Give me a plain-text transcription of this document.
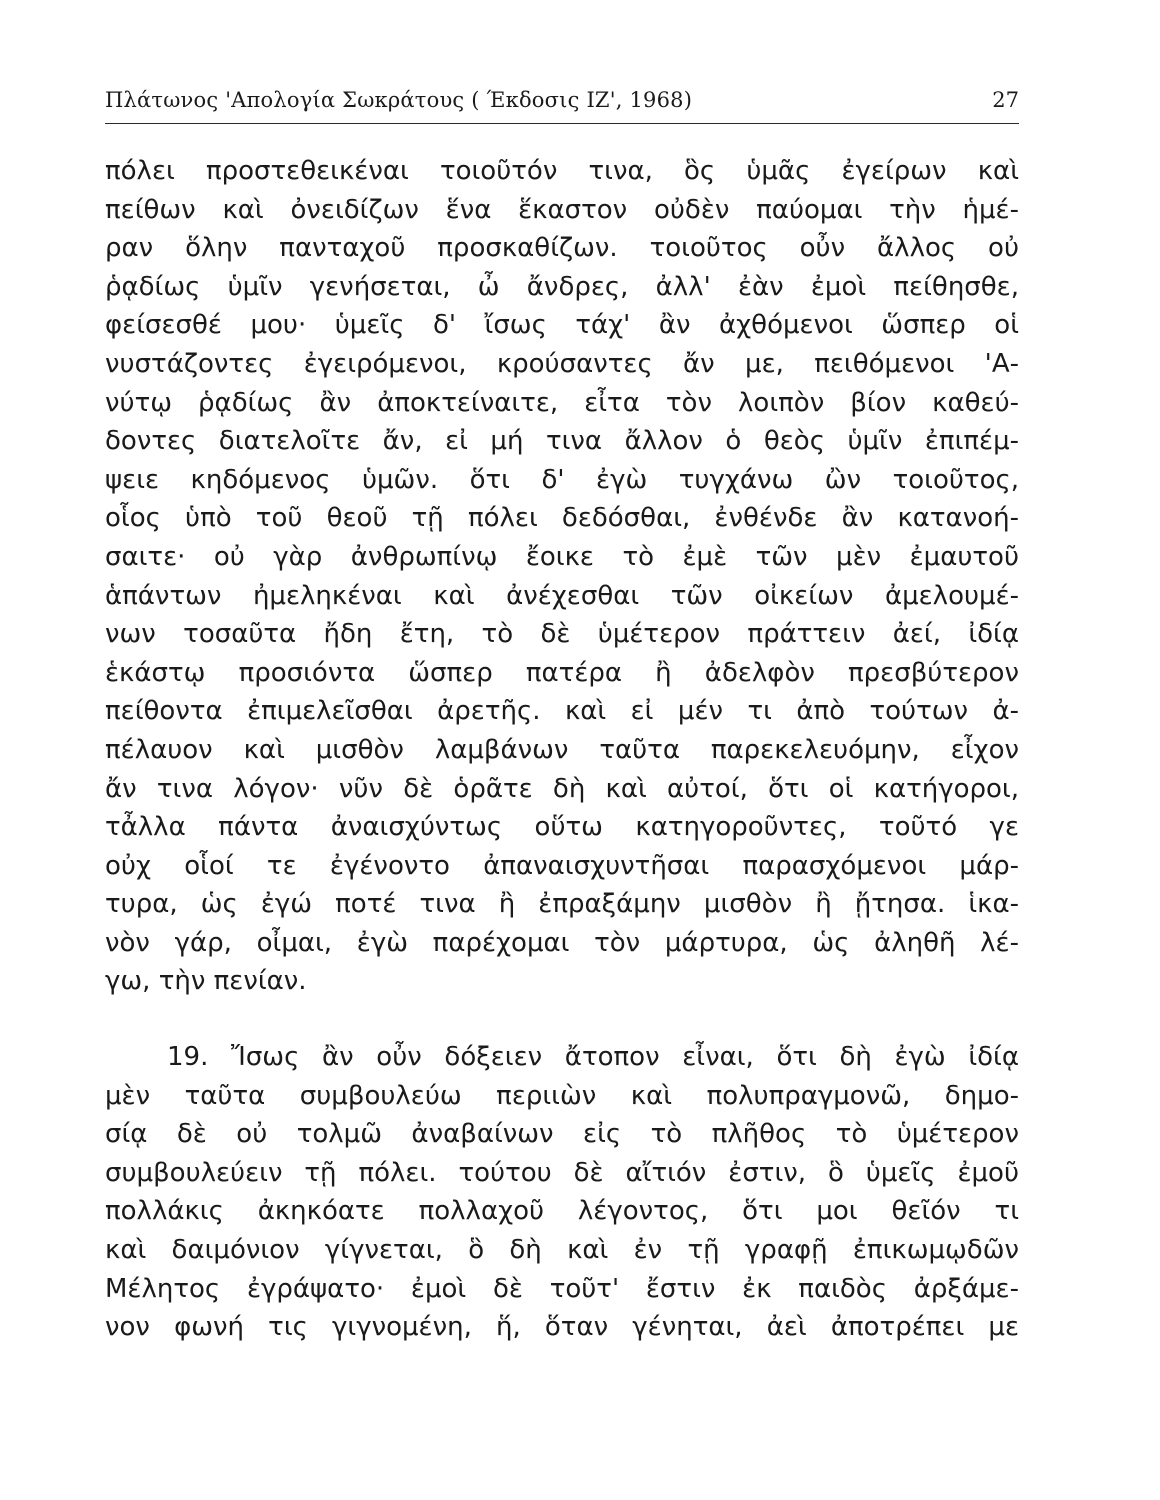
Πλάτωνος 'Απολογία Σωκράτους ( Έκδοσις ΙΖ', 1968)	27
πόλει προστεθεικέναι τοιοῦτόν τινα, ὃς ὑμᾶς ἐγείρων καὶ
πείθων καὶ ὀνειδίζων ἕνα ἕκαστον οὐδὲν παύομαι τὴν ἡμέ-
ραν ὅλην πανταχοῦ προσκαθίζων. τοιοῦτος οὖν ἄλλος οὐ
ῥᾳδίως ὑμῖν γενήσεται, ὦ ἄνδρες, ἀλλ' ἐὰν ἐμοὶ πείθησθε,
φείσεσθέ μου· ὑμεῖς δ' ἴσως τάχ' ἂν ἀχθόμενοι ὥσπερ οἱ
νυστάζοντες ἐγειρόμενοι, κρούσαντες ἄν με, πειθόμενοι 'Α-
νύτῳ ῥᾳδίως ἂν ἀποκτείναιτε, εἶτα τὸν λοιπὸν βίον καθεύ-
δοντες διατελοῖτε ἄν, εἰ μή τινα ἄλλον ὁ θεὸς ὑμῖν ἐπιπέμ-
ψειε κηδόμενος ὑμῶν. ὅτι δ' ἐγὼ τυγχάνω ὢν τοιοῦτος,
οἷος ὑπὸ τοῦ θεοῦ τῇ πόλει δεδόσθαι, ἐνθένδε ἂν κατανοή-
σαιτε· οὐ γὰρ ἀνθρωπίνῳ ἔοικε τὸ ἐμὲ τῶν μὲν ἐμαυτοῦ
ἁπάντων ἠμεληκέναι καὶ ἀνέχεσθαι τῶν οἰκείων ἀμελουμέ-
νων τοσαῦτα ἤδη ἔτη, τὸ δὲ ὑμέτερον πράττειν ἀεί, ἰδίᾳ
ἑκάστῳ προσιόντα ὥσπερ πατέρα ἢ ἀδελφὸν πρεσβύτερον
πείθοντα ἐπιμελεῖσθαι ἀρετῆς. καὶ εἰ μέν τι ἀπὸ τούτων ἀ-
πέλαυον καὶ μισθὸν λαμβάνων ταῦτα παρεκελευόμην, εἶχον
ἄν τινα λόγον· νῦν δὲ ὁρᾶτε δὴ καὶ αὐτοί, ὅτι οἱ κατήγοροι,
τἆλλα πάντα ἀναισχύντως οὕτω κατηγοροῦντες, τοῦτό γε
οὐχ οἷοί τε ἐγένοντο ἀπαναισχυντῆσαι παρασχόμενοι μάρ-
τυρα, ὡς ἐγώ ποτέ τινα ἢ ἐπραξάμην μισθὸν ἢ ᾔτησα. ἱκα-
νὸν γάρ, οἶμαι, ἐγὼ παρέχομαι τὸν μάρτυρα, ὡς ἀληθῆ λέ-
γω, τὴν πενίαν.
19. Ἴσως ἂν οὖν δόξειεν ἄτοπον εἶναι, ὅτι δὴ ἐγὼ ἰδίᾳ
μὲν ταῦτα συμβουλεύω περιιὼν καὶ πολυπραγμονῶ, δημο-
σίᾳ δὲ οὐ τολμῶ ἀναβαίνων εἰς τὸ πλῆθος τὸ ὑμέτερον
συμβουλεύειν τῇ πόλει. τούτου δὲ αἴτιόν ἐστιν, ὃ ὑμεῖς ἐμοῦ
πολλάκις ἀκηκόατε πολλαχοῦ λέγοντος, ὅτι μοι θεῖόν τι
καὶ δαιμόνιον γίγνεται, ὃ δὴ καὶ ἐν τῇ γραφῇ ἐπικωμῳδῶν
Μέλητος ἐγράψατο· ἐμοὶ δὲ τοῦτ' ἔστιν ἐκ παιδὸς ἀρξάμε-
νον φωνή τις γιγνομένη, ἥ, ὅταν γένηται, ἀεὶ ἀποτρέπει με
